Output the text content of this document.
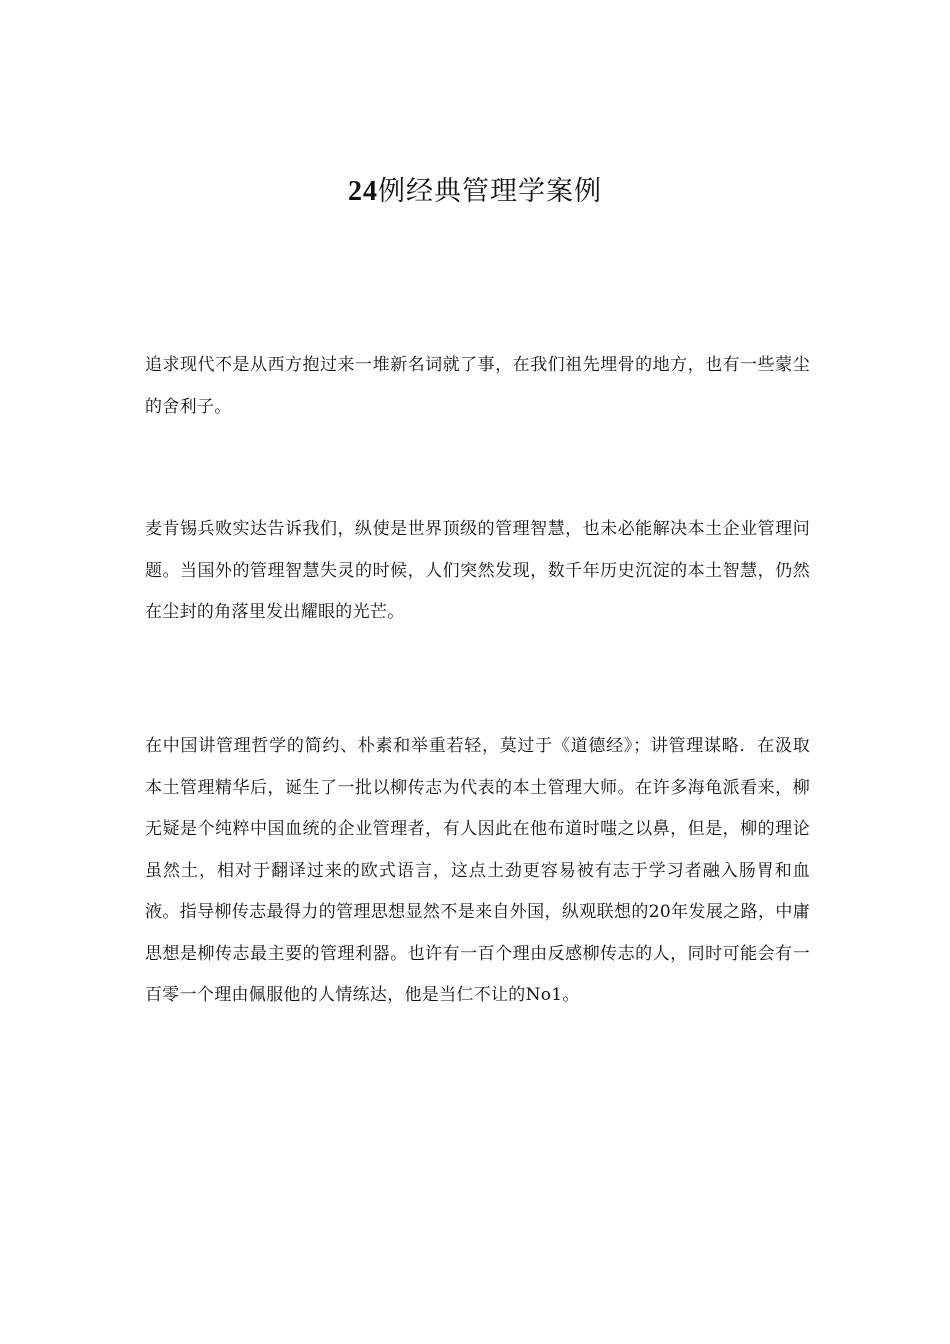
24例经典管理学案例

追求现代不是从西方抱过来一堆新名词就了事，在我们祖先埋骨的地方，也有一些蒙尘的舍利子。

麦肯锡兵败实达告诉我们，纵使是世界顶级的管理智慧，也未必能解决本土企业管理问题。当国外的管理智慧失灵的时候，人们突然发现，数千年历史沉淀的本土智慧，仍然在尘封的角落里发出耀眼的光芒。

在中国讲管理哲学的简约、朴素和举重若轻，莫过于《道德经》；讲管理谋略．在汲取本土管理精华后，诞生了一批以柳传志为代表的本土管理大师。在许多海龟派看来，柳无疑是个纯粹中国血统的企业管理者，有人因此在他布道时嗤之以鼻，但是，柳的理论虽然土，相对于翻译过来的欧式语言，这点土劲更容易被有志于学习者融入肠胃和血液。指导柳传志最得力的管理思想显然不是来自外国，纵观联想的20年发展之路，中庸思想是柳传志最主要的管理利器。也许有一百个理由反感柳传志的人，同时可能会有一百零一个理由佩服他的人情练达，他是当仁不让的No1。
